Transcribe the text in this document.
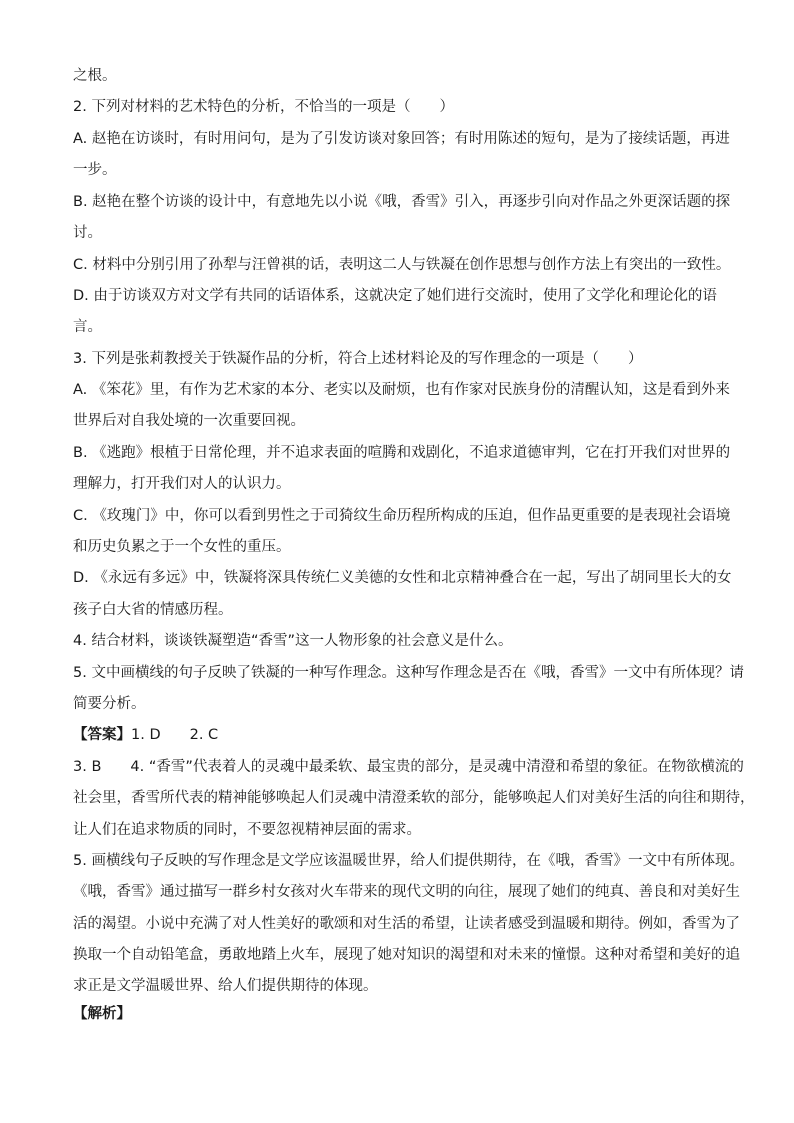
之根。
2. 下列对材料的艺术特色的分析，不恰当的一项是（　　）
A. 赵艳在访谈时，有时用问句，是为了引发访谈对象回答；有时用陈述的短句，是为了接续话题，再进
一步。
B. 赵艳在整个访谈的设计中，有意地先以小说《哦，香雪》引入，再逐步引向对作品之外更深话题的探
讨。
C. 材料中分别引用了孙犁与汪曾祺的话，表明这二人与铁凝在创作思想与创作方法上有突出的一致性。
D. 由于访谈双方对文学有共同的话语体系，这就决定了她们进行交流时，使用了文学化和理论化的语
言。
3. 下列是张莉教授关于铁凝作品的分析，符合上述材料论及的写作理念的一项是（　　）
A. 《笨花》里，有作为艺术家的本分、老实以及耐烦，也有作家对民族身份的清醒认知，这是看到外来
世界后对自我处境的一次重要回视。
B. 《逃跑》根植于日常伦理，并不追求表面的喧腾和戏剧化，不追求道德审判，它在打开我们对世界的
理解力，打开我们对人的认识力。
C. 《玫瑰门》中，你可以看到男性之于司猗纹生命历程所构成的压迫，但作品更重要的是表现社会语境
和历史负累之于一个女性的重压。
D. 《永远有多远》中，铁凝将深具传统仁义美德的女性和北京精神叠合在一起，写出了胡同里长大的女
孩子白大省的情感历程。
4. 结合材料，谈谈铁凝塑造“香雪”这一人物形象的社会意义是什么。
5. 文中画横线的句子反映了铁凝的一种写作理念。这种写作理念是否在《哦，香雪》一文中有所体现？请
简要分析。
【答案】1. D　　2. C
3. B　　4. “香雪”代表着人的灵魂中最柔软、最宝贵的部分，是灵魂中清澄和希望的象征。在物欲横流的
社会里，香雪所代表的精神能够唤起人们灵魂中清澄柔软的部分，能够唤起人们对美好生活的向往和期待，
让人们在追求物质的同时，不要忽视精神层面的需求。
5. 画横线句子反映的写作理念是文学应该温暖世界，给人们提供期待，在《哦，香雪》一文中有所体现。
《哦，香雪》通过描写一群乡村女孩对火车带来的现代文明的向往，展现了她们的纯真、善良和对美好生
活的渴望。小说中充满了对人性美好的歌颂和对生活的希望，让读者感受到温暖和期待。例如，香雪为了
换取一个自动铅笔盒，勇敢地踏上火车，展现了她对知识的渴望和对未来的憧憬。这种对希望和美好的追
求正是文学温暖世界、给人们提供期待的体现。
【解析】
